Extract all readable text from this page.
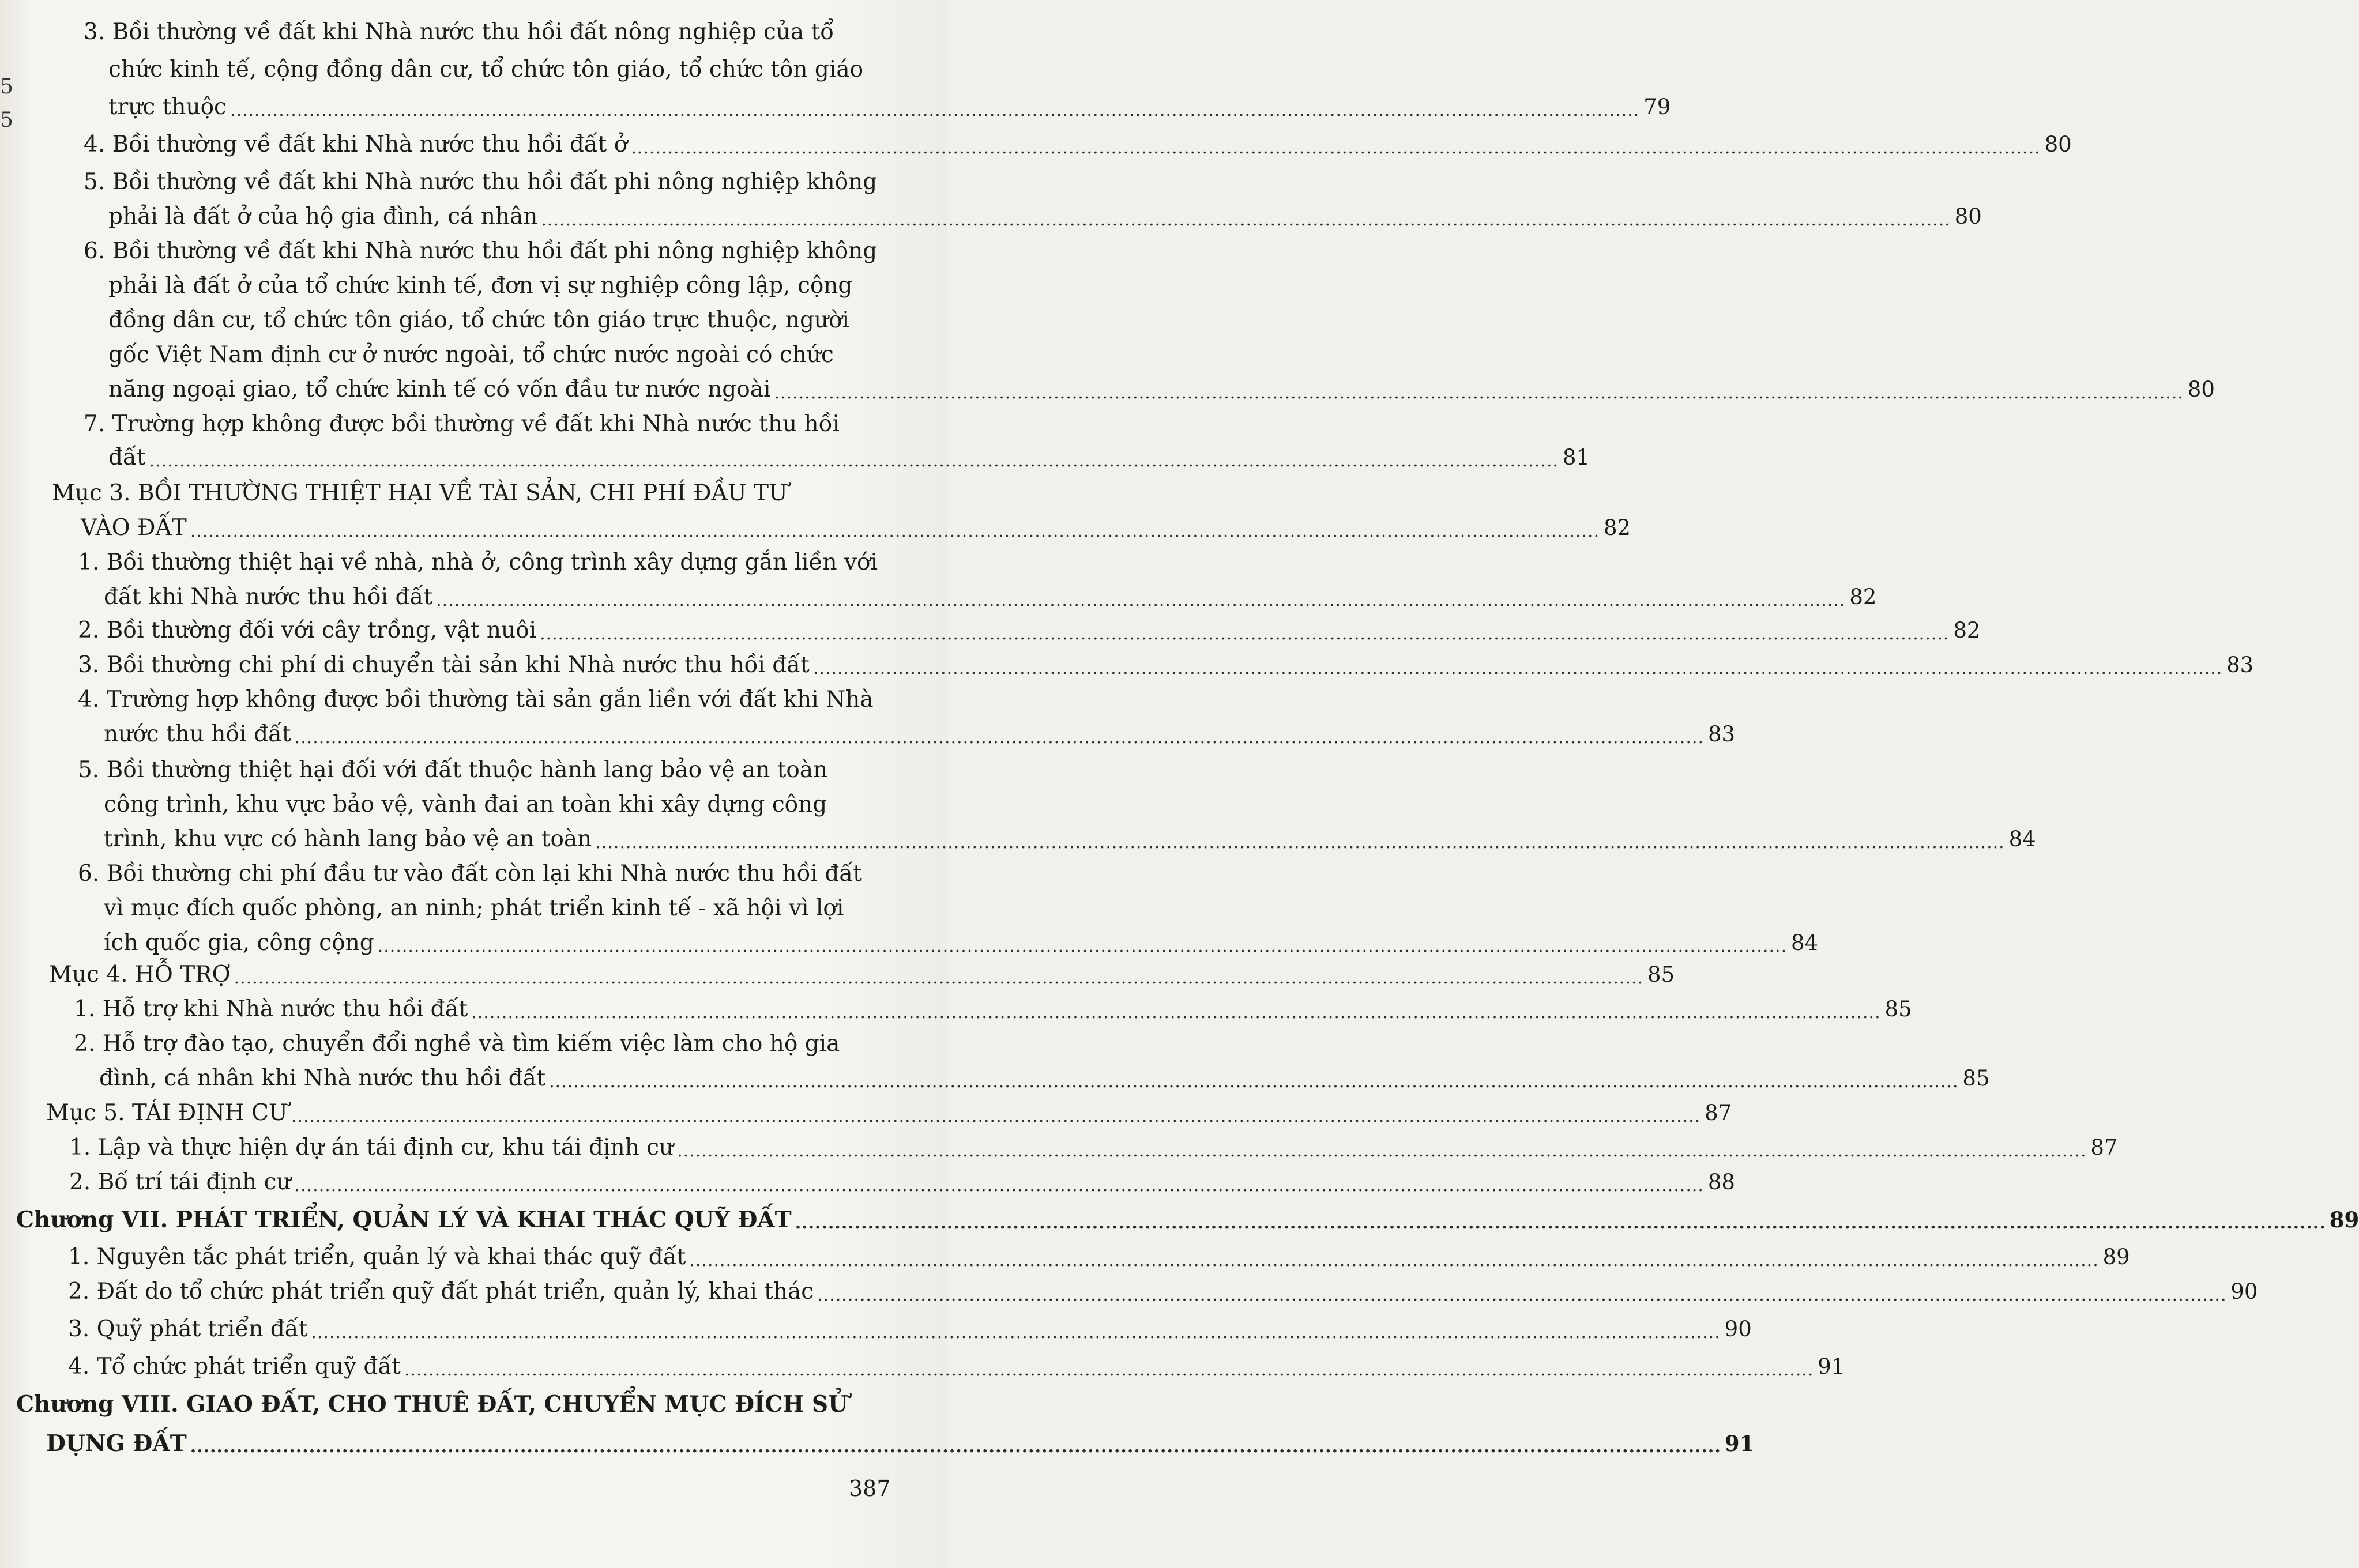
5
5
3. Bồi thường về đất khi Nhà nước thu hồi đất nông nghiệp của tổ
chức kinh tế, cộng đồng dân cư, tổ chức tôn giáo, tổ chức tôn giáo
trực thuộc ........................................................................................................................................................................................................................................ 79
4. Bồi thường về đất khi Nhà nước thu hồi đất ở ........................................................................................................................................................................................................................................ 80
5. Bồi thường về đất khi Nhà nước thu hồi đất phi nông nghiệp không
phải là đất ở của hộ gia đình, cá nhân ........................................................................................................................................................................................................................................ 80
6. Bồi thường về đất khi Nhà nước thu hồi đất phi nông nghiệp không
phải là đất ở của tổ chức kinh tế, đơn vị sự nghiệp công lập, cộng
đồng dân cư, tổ chức tôn giáo, tổ chức tôn giáo trực thuộc, người
gốc Việt Nam định cư ở nước ngoài, tổ chức nước ngoài có chức
năng ngoại giao, tổ chức kinh tế có vốn đầu tư nước ngoài ........................................................................................................................................................................................................................................ 80
7. Trường hợp không được bồi thường về đất khi Nhà nước thu hồi
đất ........................................................................................................................................................................................................................................ 81
Mục 3. BỒI THƯỜNG THIỆT HẠI VỀ TÀI SẢN, CHI PHÍ ĐẦU TƯ
VÀO ĐẤT ........................................................................................................................................................................................................................................ 82
1. Bồi thường thiệt hại về nhà, nhà ở, công trình xây dựng gắn liền với
đất khi Nhà nước thu hồi đất ........................................................................................................................................................................................................................................ 82
2. Bồi thường đối với cây trồng, vật nuôi ........................................................................................................................................................................................................................................ 82
3. Bồi thường chi phí di chuyển tài sản khi Nhà nước thu hồi đất ........................................................................................................................................................................................................................................ 83
4. Trường hợp không được bồi thường tài sản gắn liền với đất khi Nhà
nước thu hồi đất ........................................................................................................................................................................................................................................ 83
5. Bồi thường thiệt hại đối với đất thuộc hành lang bảo vệ an toàn
công trình, khu vực bảo vệ, vành đai an toàn khi xây dựng công
trình, khu vực có hành lang bảo vệ an toàn ........................................................................................................................................................................................................................................ 84
6. Bồi thường chi phí đầu tư vào đất còn lại khi Nhà nước thu hồi đất
vì mục đích quốc phòng, an ninh; phát triển kinh tế - xã hội vì lợi
ích quốc gia, công cộng ........................................................................................................................................................................................................................................ 84
Mục 4. HỖ TRỢ ........................................................................................................................................................................................................................................ 85
1. Hỗ trợ khi Nhà nước thu hồi đất ........................................................................................................................................................................................................................................ 85
2. Hỗ trợ đào tạo, chuyển đổi nghề và tìm kiếm việc làm cho hộ gia
đình, cá nhân khi Nhà nước thu hồi đất ........................................................................................................................................................................................................................................ 85
Mục 5. TÁI ĐỊNH CƯ ........................................................................................................................................................................................................................................ 87
1. Lập và thực hiện dự án tái định cư, khu tái định cư ........................................................................................................................................................................................................................................ 87
2. Bố trí tái định cư ........................................................................................................................................................................................................................................ 88
Chương VII. PHÁT TRIỂN, QUẢN LÝ VÀ KHAI THÁC QUỸ ĐẤT ........................................................................................................................................................................................................................................ 89
1. Nguyên tắc phát triển, quản lý và khai thác quỹ đất ........................................................................................................................................................................................................................................ 89
2. Đất do tổ chức phát triển quỹ đất phát triển, quản lý, khai thác ........................................................................................................................................................................................................................................ 90
3. Quỹ phát triển đất ........................................................................................................................................................................................................................................ 90
4. Tổ chức phát triển quỹ đất ........................................................................................................................................................................................................................................ 91
Chương VIII. GIAO ĐẤT, CHO THUÊ ĐẤT, CHUYỂN MỤC ĐÍCH SỬ
DỤNG ĐẤT ........................................................................................................................................................................................................................................ 91
387
